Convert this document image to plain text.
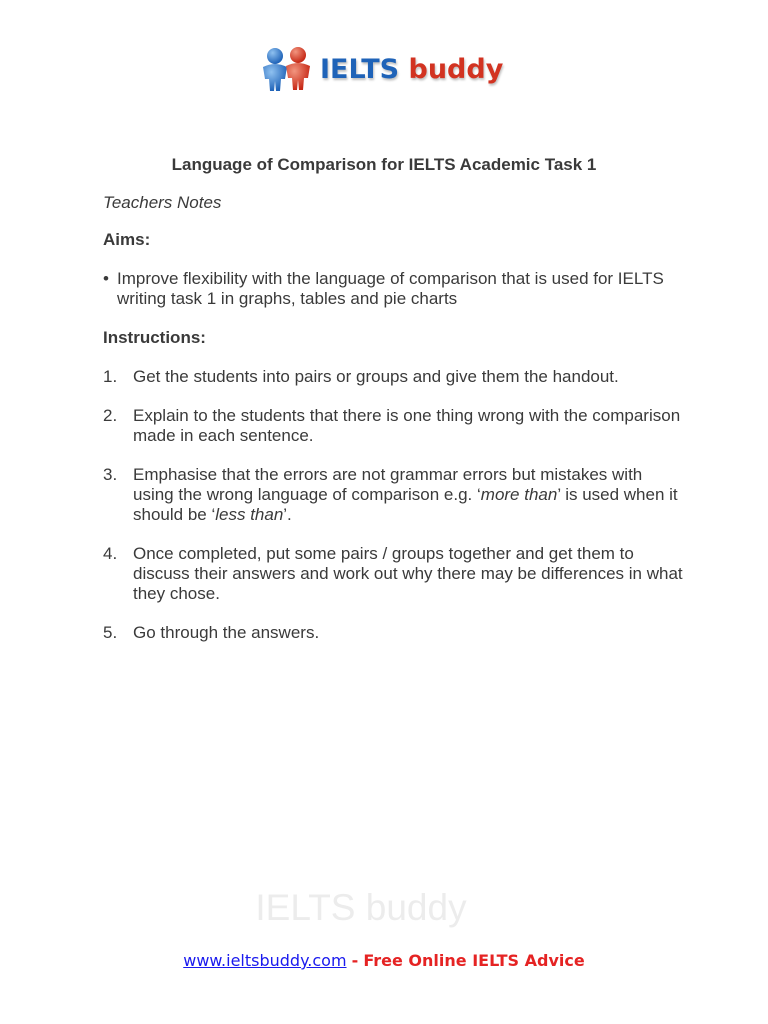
IELTS buddy
Language of Comparison for IELTS Academic Task 1

Teachers Notes

Aims:

• Improve flexibility with the language of comparison that is used for IELTS writing task 1 in graphs, tables and pie charts

Instructions:

1. Get the students into pairs or groups and give them the handout.
2. Explain to the students that there is one thing wrong with the comparison made in each sentence.
3. Emphasise that the errors are not grammar errors but mistakes with using the wrong language of comparison e.g. ‘more than’ is used when it should be ‘less than’.
4. Once completed, put some pairs / groups together and get them to discuss their answers and work out why there may be differences in what they chose.
5. Go through the answers.
IELTS buddy
www.ieltsbuddy.com - Free Online IELTS Advice
